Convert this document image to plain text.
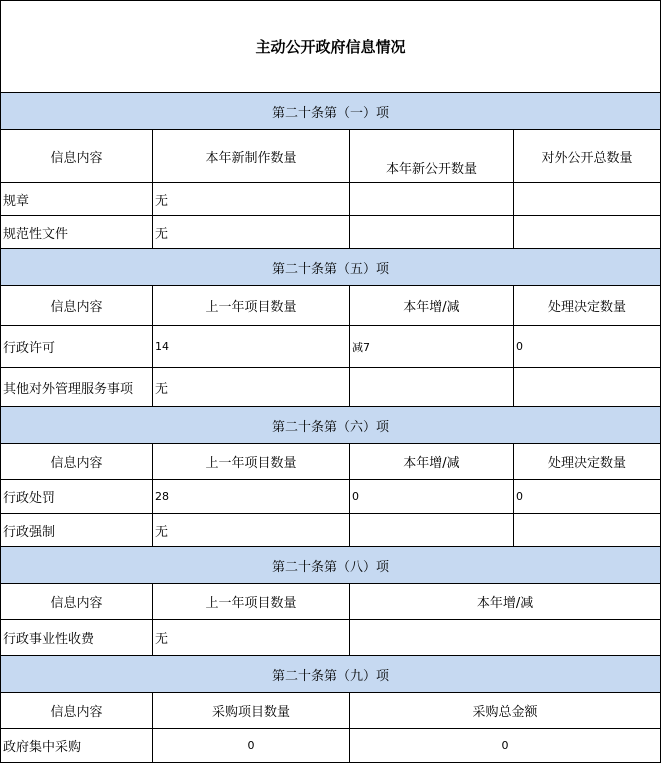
主动公开政府信息情况			
第二十条第（一）项			
信息内容	本年新制作数量	本年新公开数量	对外公开总数量
规章	无		
规范性文件	无		
第二十条第（五）项			
信息内容	上一年项目数量	本年增/减	处理决定数量
行政许可	14	减7	0
其他对外管理服务事项	无		
第二十条第（六）项			
信息内容	上一年项目数量	本年增/减	处理决定数量
行政处罚	28	0	0
行政强制	无		
第二十条第（八）项			
信息内容	上一年项目数量	本年增/减	
行政事业性收费	无		
第二十条第（九）项			
信息内容	采购项目数量	采购总金额	
政府集中采购	0	0	
